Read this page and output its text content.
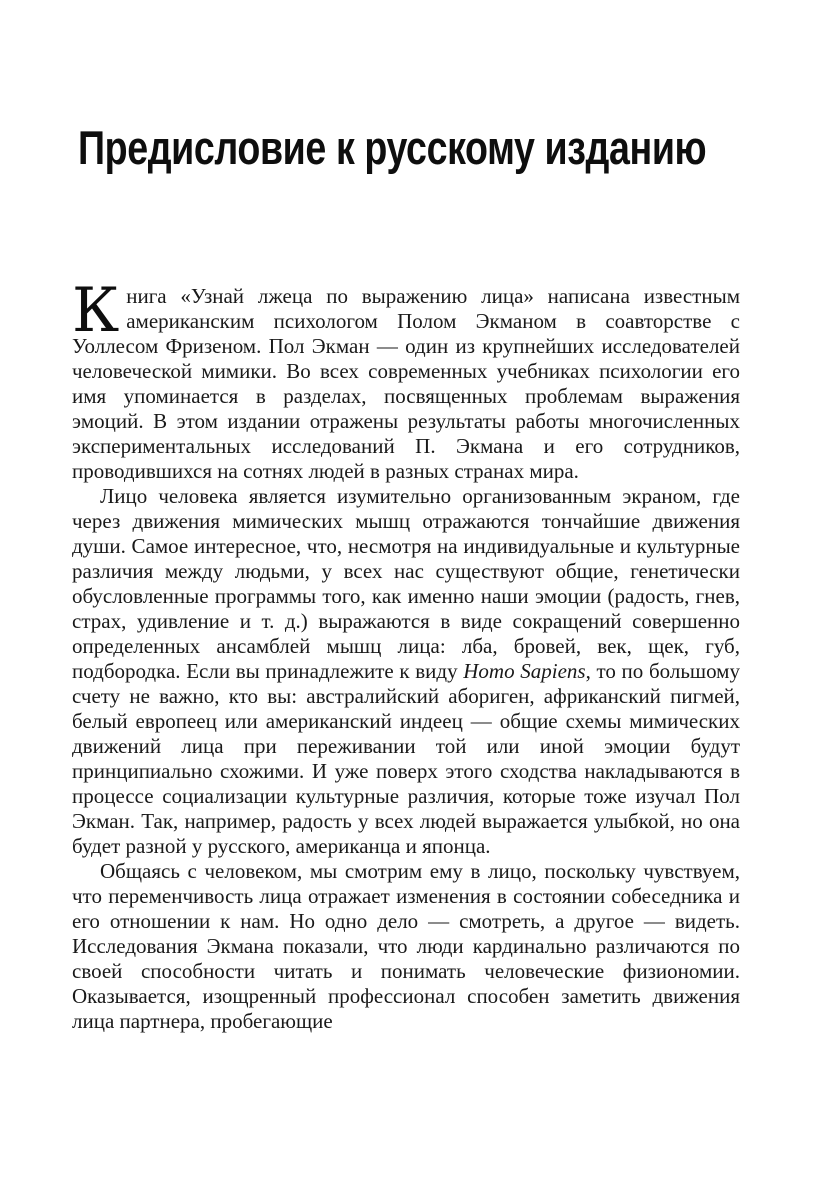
Предисловие к русскому изданию

Книга «Узнай лжеца по выражению лица» написана известным американским психологом Полом Экманом в соавторстве с Уоллесом Фризеном. Пол Экман — один из крупнейших исследователей человеческой мимики. Во всех современных учебниках психологии его имя упоминается в разделах, посвященных проблемам выражения эмоций. В этом издании отражены результаты работы многочисленных экспериментальных исследований П. Экмана и его сотрудников, проводившихся на сотнях людей в разных странах мира.

Лицо человека является изумительно организованным экраном, где через движения мимических мышц отражаются тончайшие движения души. Самое интересное, что, несмотря на индивидуальные и культурные различия между людьми, у всех нас существуют общие, генетически обусловленные программы того, как именно наши эмоции (радость, гнев, страх, удивление и т. д.) выражаются в виде сокращений совершенно определенных ансамблей мышц лица: лба, бровей, век, щек, губ, подбородка. Если вы принадлежите к виду Homo Sapiens, то по большому счету не важно, кто вы: австралийский абориген, африканский пигмей, белый европеец или американский индеец — общие схемы мимических движений лица при переживании той или иной эмоции будут принципиально схожими. И уже поверх этого сходства накладываются в процессе социализации культурные различия, которые тоже изучал Пол Экман. Так, например, радость у всех людей выражается улыбкой, но она будет разной у русского, американца и японца.

Общаясь с человеком, мы смотрим ему в лицо, поскольку чувствуем, что переменчивость лица отражает изменения в состоянии собеседника и его отношении к нам. Но одно дело — смотреть, а другое — видеть. Исследования Экмана показали, что люди кардинально различаются по своей способности читать и понимать человеческие физиономии. Оказывается, изощренный профессионал способен заметить движения лица партнера, пробегающие
